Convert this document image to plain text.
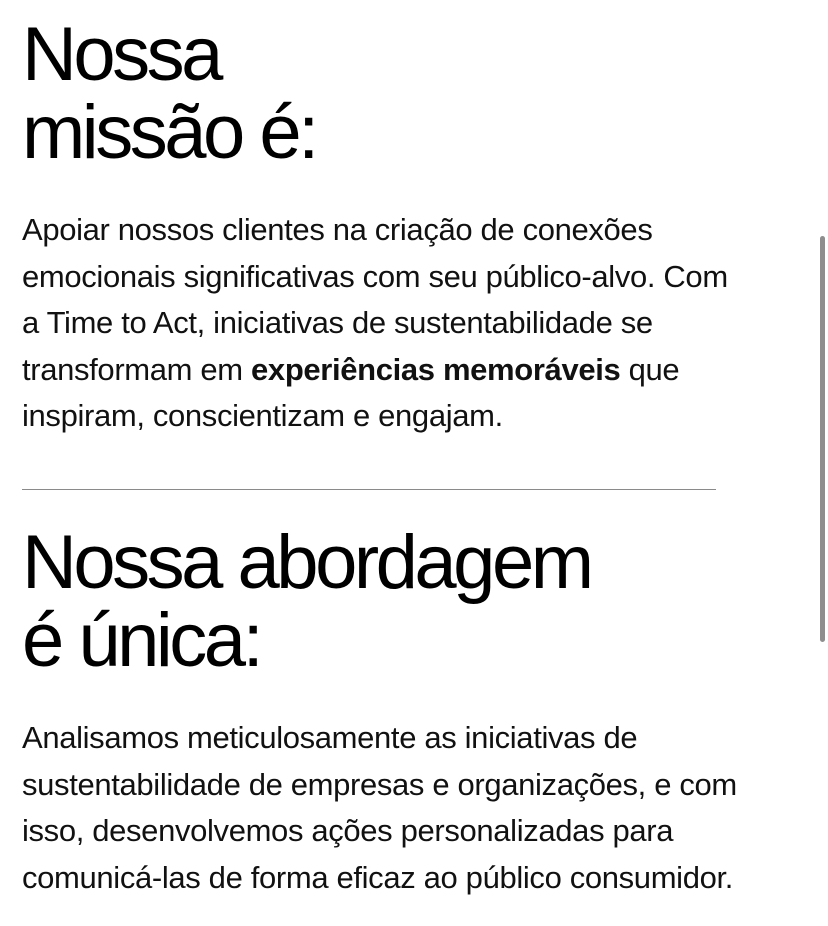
Nossa
missão é:

Apoiar nossos clientes na criação de conexões
emocionais significativas com seu público-alvo. Com
a Time to Act, iniciativas de sustentabilidade se
transformam em experiências memoráveis que
inspiram, conscientizam e engajam.

Nossa abordagem
é única:

Analisamos meticulosamente as iniciativas de
sustentabilidade de empresas e organizações, e com
isso, desenvolvemos ações personalizadas para
comunicá-las de forma eficaz ao público consumidor.
